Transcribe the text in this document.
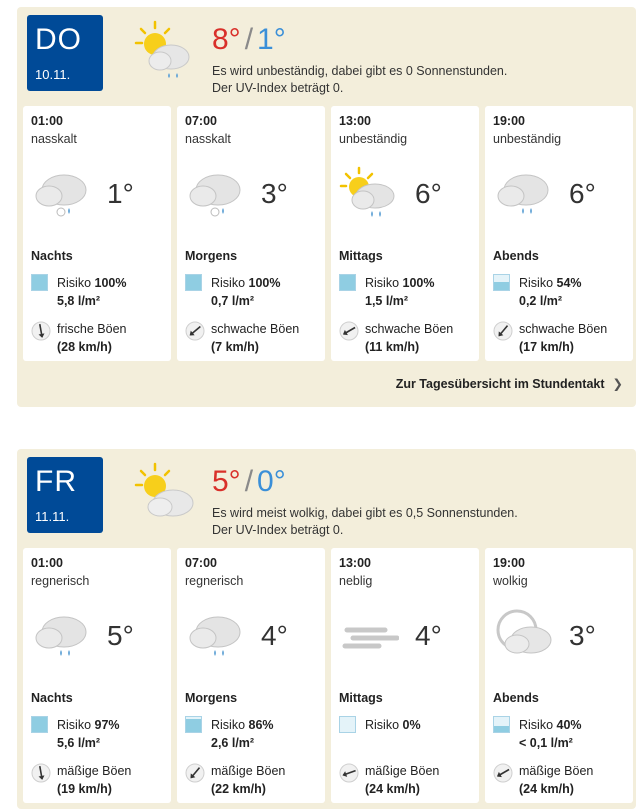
DO
10.11.
8° / 1°
Es wird unbeständig, dabei gibt es 0 Sonnenstunden.
Der UV-Index beträgt 0.
01:00
nasskalt
1°
Nachts
Risiko 100%
5,8 l/m²
frische Böen
(28 km/h)
07:00
nasskalt
3°
Morgens
Risiko 100%
0,7 l/m²
schwache Böen
(7 km/h)
13:00
unbeständig
6°
Mittags
Risiko 100%
1,5 l/m²
schwache Böen
(11 km/h)
19:00
unbeständig
6°
Abends
Risiko 54%
0,2 l/m²
schwache Böen
(17 km/h)
Zur Tagesübersicht im Stundentakt ❯
FR
11.11.
5° / 0°
Es wird meist wolkig, dabei gibt es 0,5 Sonnenstunden.
Der UV-Index beträgt 0.
01:00
regnerisch
5°
Nachts
Risiko 97%
5,6 l/m²
mäßige Böen
(19 km/h)
07:00
regnerisch
4°
Morgens
Risiko 86%
2,6 l/m²
mäßige Böen
(22 km/h)
13:00
neblig
4°
Mittags
Risiko 0%
mäßige Böen
(24 km/h)
19:00
wolkig
3°
Abends
Risiko 40%
< 0,1 l/m²
mäßige Böen
(24 km/h)
